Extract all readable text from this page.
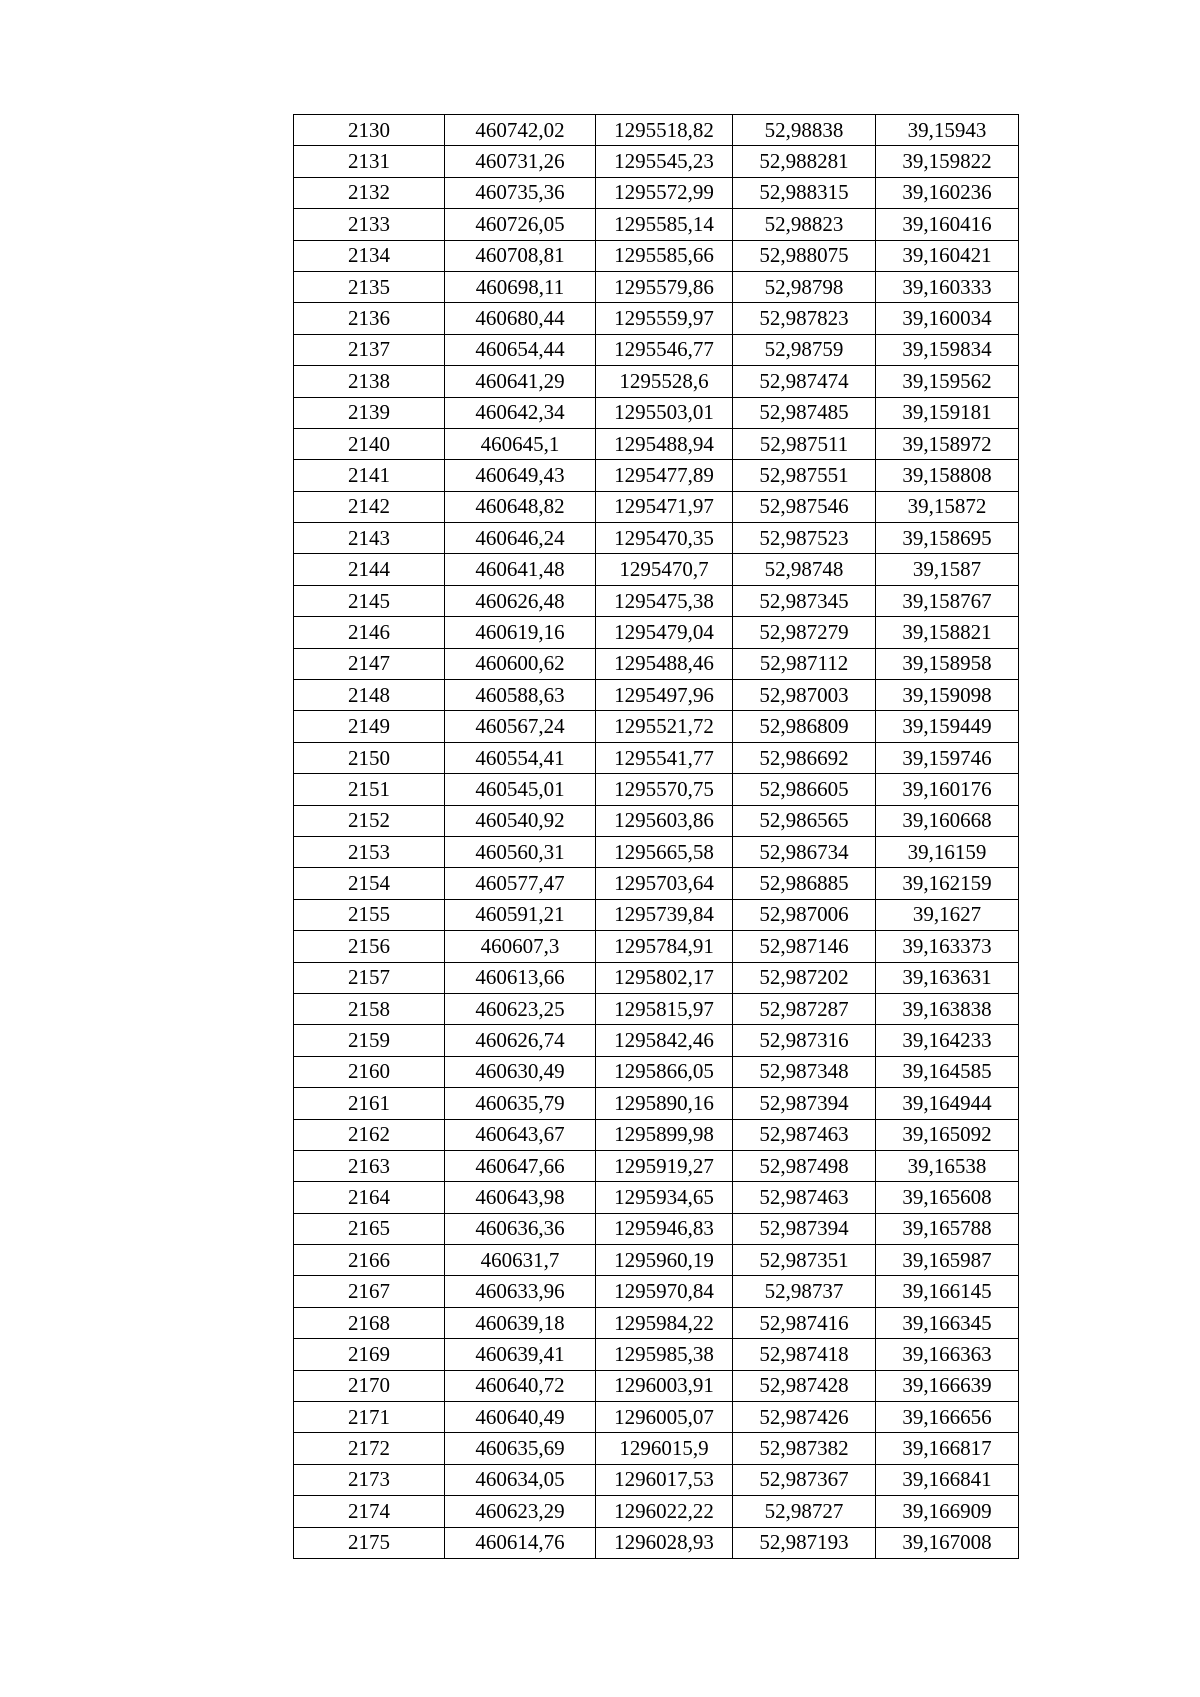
2130	460742,02	1295518,82	52,98838	39,15943
2131	460731,26	1295545,23	52,988281	39,159822
2132	460735,36	1295572,99	52,988315	39,160236
2133	460726,05	1295585,14	52,98823	39,160416
2134	460708,81	1295585,66	52,988075	39,160421
2135	460698,11	1295579,86	52,98798	39,160333
2136	460680,44	1295559,97	52,987823	39,160034
2137	460654,44	1295546,77	52,98759	39,159834
2138	460641,29	1295528,6	52,987474	39,159562
2139	460642,34	1295503,01	52,987485	39,159181
2140	460645,1	1295488,94	52,987511	39,158972
2141	460649,43	1295477,89	52,987551	39,158808
2142	460648,82	1295471,97	52,987546	39,15872
2143	460646,24	1295470,35	52,987523	39,158695
2144	460641,48	1295470,7	52,98748	39,1587
2145	460626,48	1295475,38	52,987345	39,158767
2146	460619,16	1295479,04	52,987279	39,158821
2147	460600,62	1295488,46	52,987112	39,158958
2148	460588,63	1295497,96	52,987003	39,159098
2149	460567,24	1295521,72	52,986809	39,159449
2150	460554,41	1295541,77	52,986692	39,159746
2151	460545,01	1295570,75	52,986605	39,160176
2152	460540,92	1295603,86	52,986565	39,160668
2153	460560,31	1295665,58	52,986734	39,16159
2154	460577,47	1295703,64	52,986885	39,162159
2155	460591,21	1295739,84	52,987006	39,1627
2156	460607,3	1295784,91	52,987146	39,163373
2157	460613,66	1295802,17	52,987202	39,163631
2158	460623,25	1295815,97	52,987287	39,163838
2159	460626,74	1295842,46	52,987316	39,164233
2160	460630,49	1295866,05	52,987348	39,164585
2161	460635,79	1295890,16	52,987394	39,164944
2162	460643,67	1295899,98	52,987463	39,165092
2163	460647,66	1295919,27	52,987498	39,16538
2164	460643,98	1295934,65	52,987463	39,165608
2165	460636,36	1295946,83	52,987394	39,165788
2166	460631,7	1295960,19	52,987351	39,165987
2167	460633,96	1295970,84	52,98737	39,166145
2168	460639,18	1295984,22	52,987416	39,166345
2169	460639,41	1295985,38	52,987418	39,166363
2170	460640,72	1296003,91	52,987428	39,166639
2171	460640,49	1296005,07	52,987426	39,166656
2172	460635,69	1296015,9	52,987382	39,166817
2173	460634,05	1296017,53	52,987367	39,166841
2174	460623,29	1296022,22	52,98727	39,166909
2175	460614,76	1296028,93	52,987193	39,167008
